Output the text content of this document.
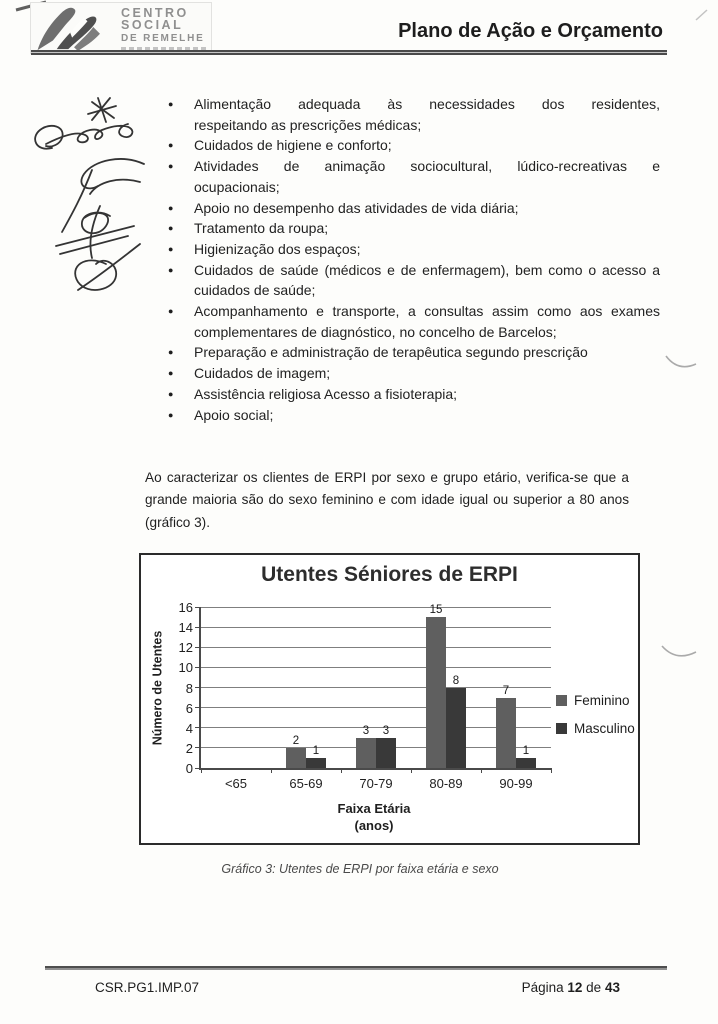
CENTRO
SOCIAL
DE REMELHE	Plano de Ação e Orçamento
●	Alimentação adequada às necessidades dos residentes,
respeitando as prescrições médicas;
●	Cuidados de higiene e conforto;
●	Atividades de animação sociocultural, lúdico-recreativas e
ocupacionais;
●	Apoio no desempenho das atividades de vida diária;
●	Tratamento da roupa;
●	Higienização dos espaços;
●	Cuidados de saúde (médicos e de enfermagem), bem como o acesso a
cuidados de saúde;
●	Acompanhamento e transporte, a consultas assim como aos exames
complementares de diagnóstico, no concelho de Barcelos;
●	Preparação e administração de terapêutica segundo prescrição
●	Cuidados de imagem;
●	Assistência religiosa Acesso a fisioterapia;
●	Apoio social;
Ao caracterizar os clientes de ERPI por sexo e grupo etário, verifica-se que a
grande maioria são do sexo feminino e com idade igual ou superior a 80 anos
(gráfico 3).
Utentes Séniores de ERPI
Número de Utentes
0
2
4
6
8
10
12
14
16
<65
2
1
65-69
3	3
70-79
15
8
80-89
7
1
90-99
Faixa Etária
(anos)
Feminino
Masculino
Gráfico 3: Utentes de ERPI por faixa etária e sexo
CSR.PG1.IMP.07	Página 12 de 43
